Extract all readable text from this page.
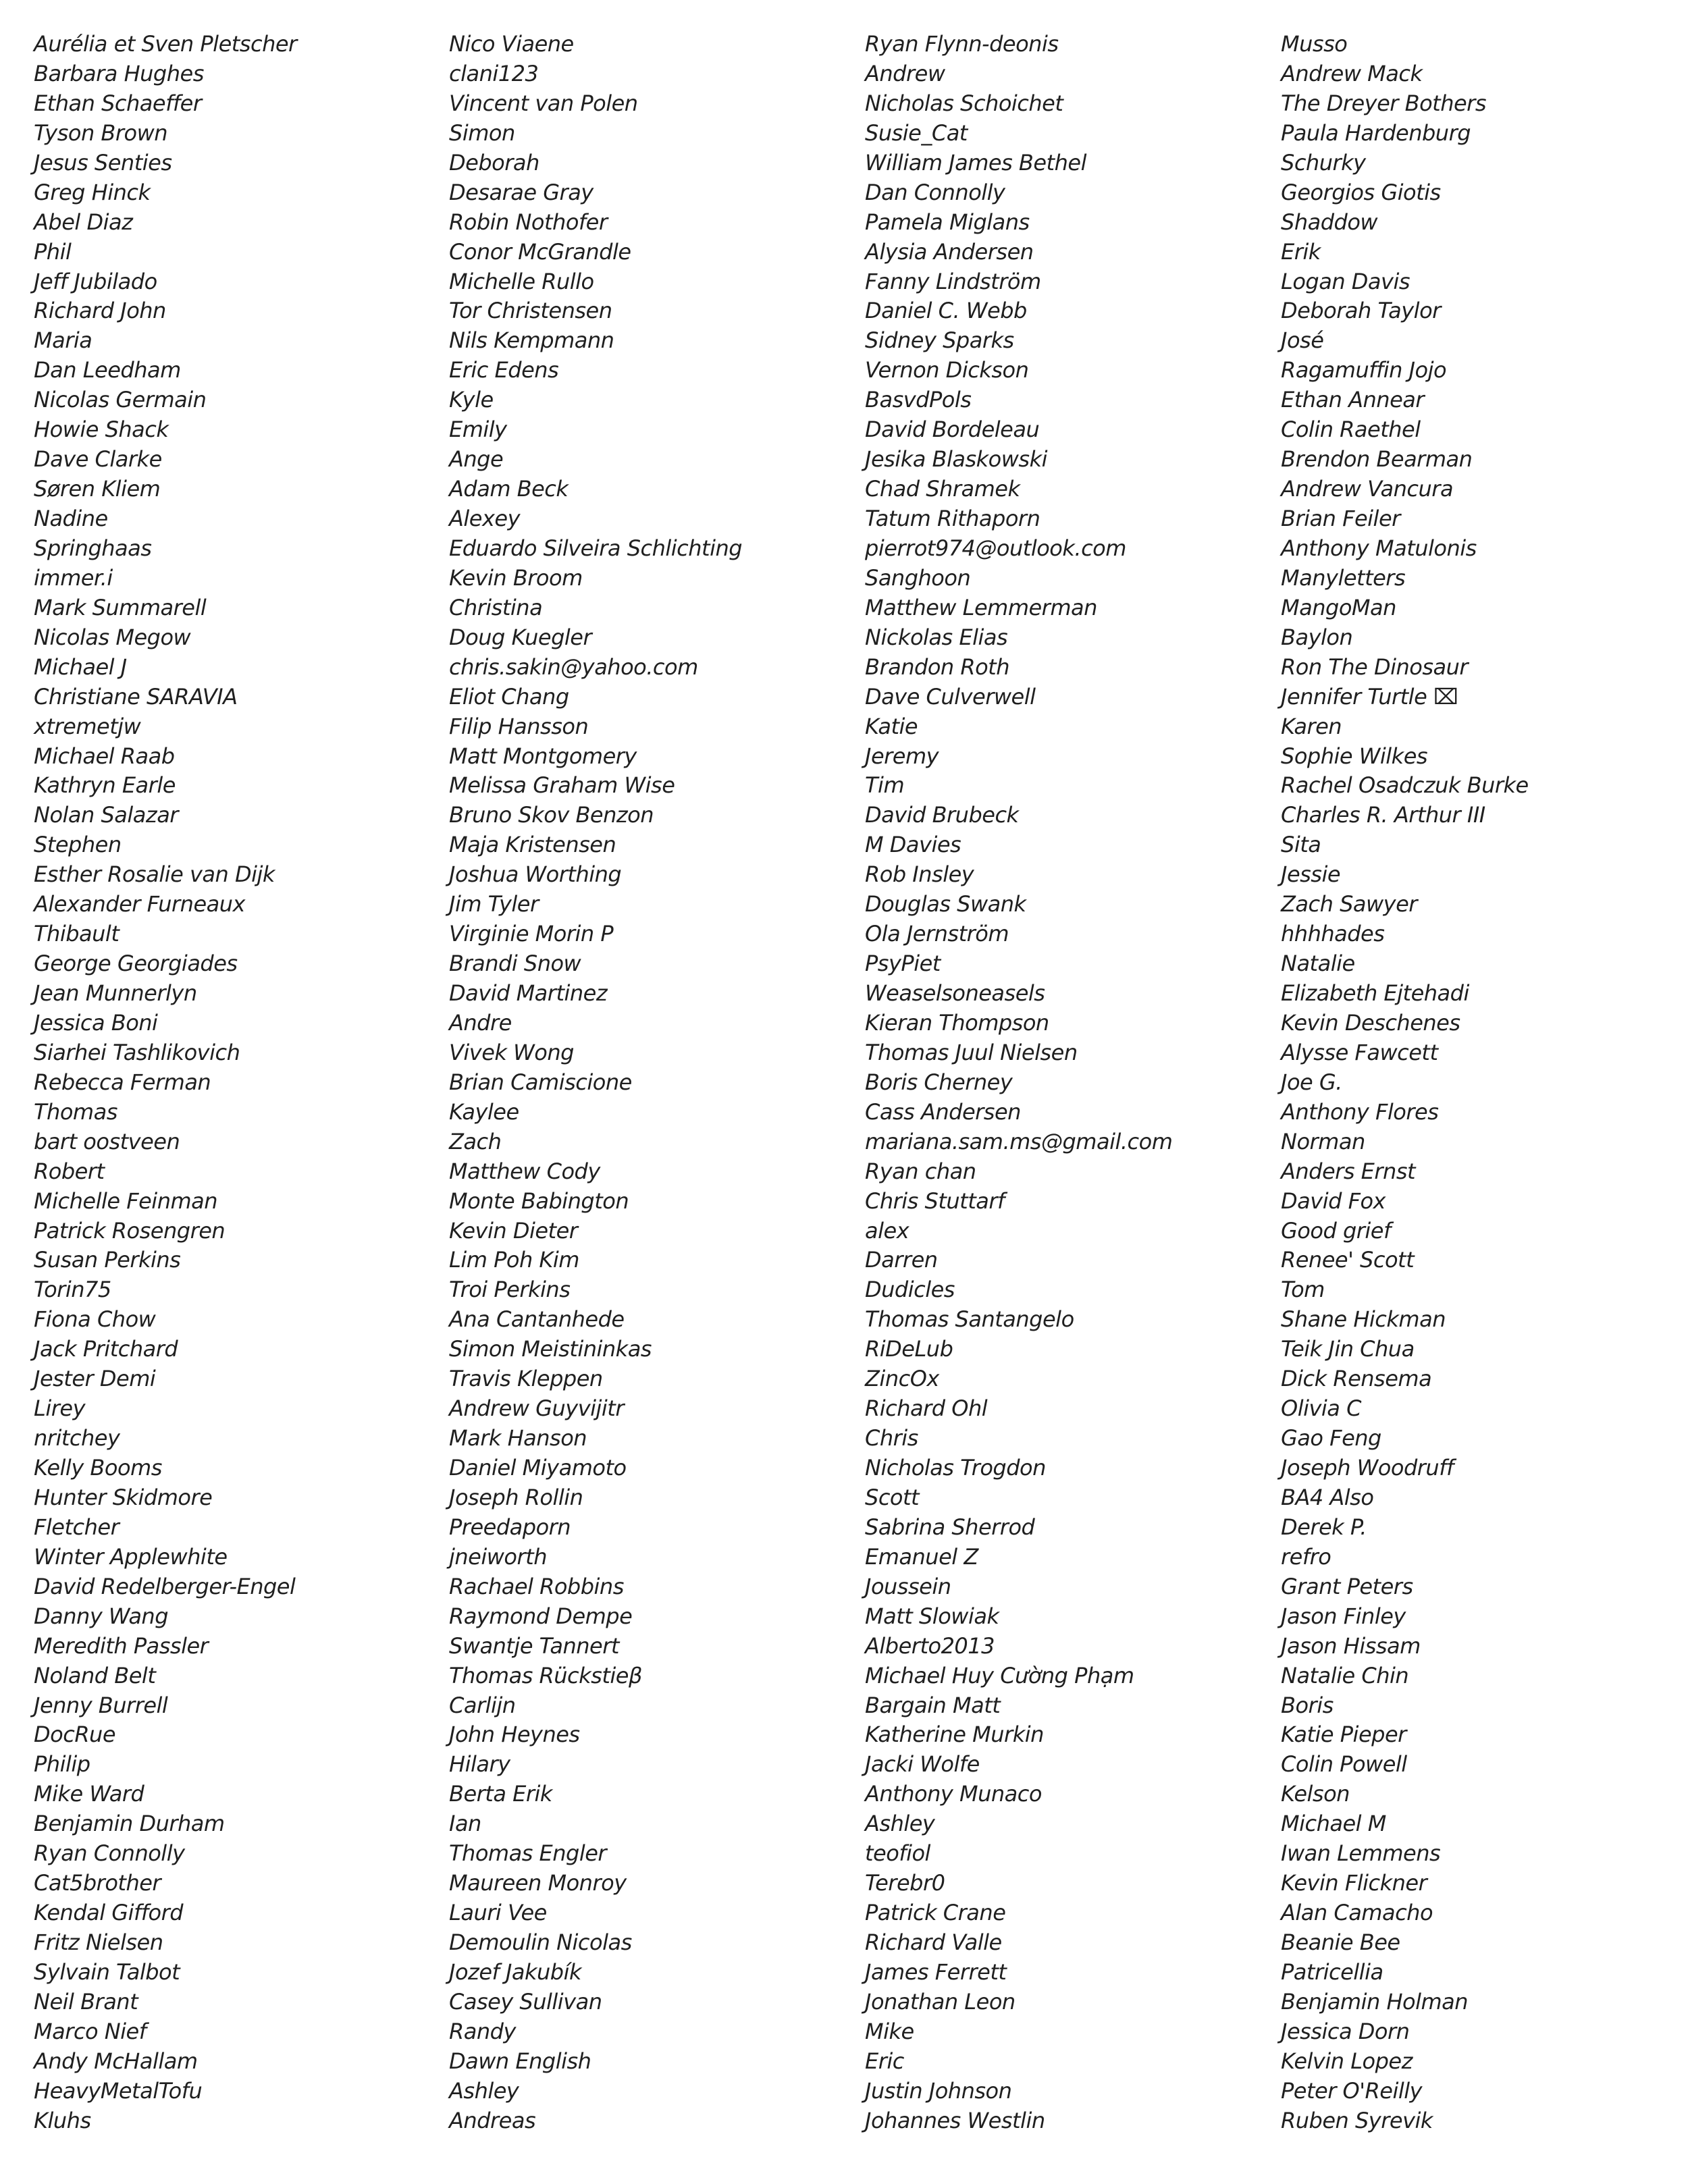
Aurélia et Sven Pletscher
Barbara Hughes
Ethan Schaeffer
Tyson Brown
Jesus Senties
Greg Hinck
Abel Diaz
Phil
Jeff Jubilado
Richard John
Maria
Dan Leedham
Nicolas Germain
Howie Shack
Dave Clarke
Søren Kliem
Nadine
Springhaas
immer.i
Mark Summarell
Nicolas Megow
Michael J
Christiane SARAVIA
xtremetjw
Michael Raab
Kathryn Earle
Nolan Salazar
Stephen
Esther Rosalie van Dijk
Alexander Furneaux
Thibault
George Georgiades
Jean Munnerlyn
Jessica Boni
Siarhei Tashlikovich
Rebecca Ferman
Thomas
bart oostveen
Robert
Michelle Feinman
Patrick Rosengren
Susan Perkins
Torin75
Fiona Chow
Jack Pritchard
Jester Demi
Lirey
nritchey
Kelly Booms
Hunter Skidmore
Fletcher
Winter Applewhite
David Redelberger-Engel
Danny Wang
Meredith Passler
Noland Belt
Jenny Burrell
DocRue
Philip
Mike Ward
Benjamin Durham
Ryan Connolly
Cat5brother
Kendal Gifford
Fritz Nielsen
Sylvain Talbot
Neil Brant
Marco Nief
Andy McHallam
HeavyMetalTofu
Kluhs
Nico Viaene
clani123
Vincent van Polen
Simon
Deborah
Desarae Gray
Robin Nothofer
Conor McGrandle
Michelle Rullo
Tor Christensen
Nils Kempmann
Eric Edens
Kyle
Emily
Ange
Adam Beck
Alexey
Eduardo Silveira Schlichting
Kevin Broom
Christina
Doug Kuegler
chris.sakin@yahoo.com
Eliot Chang
Filip Hansson
Matt Montgomery
Melissa Graham Wise
Bruno Skov Benzon
Maja Kristensen
Joshua Worthing
Jim Tyler
Virginie Morin P
Brandi Snow
David Martinez
Andre
Vivek Wong
Brian Camiscione
Kaylee
Zach
Matthew Cody
Monte Babington
Kevin Dieter
Lim Poh Kim
Troi Perkins
Ana Cantanhede
Simon Meistininkas
Travis Kleppen
Andrew Guyvijitr
Mark Hanson
Daniel Miyamoto
Joseph Rollin
Preedaporn
jneiworth
Rachael Robbins
Raymond Dempe
Swantje Tannert
Thomas Rückstieβ
Carlijn
John Heynes
Hilary
Berta Erik
Ian
Thomas Engler
Maureen Monroy
Lauri Vee
Demoulin Nicolas
Jozef Jakubík
Casey Sullivan
Randy
Dawn English
Ashley
Andreas
Ryan Flynn-deonis
Andrew
Nicholas Schoichet
Susie_Cat
William James Bethel
Dan Connolly
Pamela Miglans
Alysia Andersen
Fanny Lindström
Daniel C. Webb
Sidney Sparks
Vernon Dickson
BasvdPols
David Bordeleau
Jesika Blaskowski
Chad Shramek
Tatum Rithaporn
pierrot974@outlook.com
Sanghoon
Matthew Lemmerman
Nickolas Elias
Brandon Roth
Dave Culverwell
Katie
Jeremy
Tim
David Brubeck
M Davies
Rob Insley
Douglas Swank
Ola Jernström
PsyPiet
Weaselsoneasels
Kieran Thompson
Thomas Juul Nielsen
Boris Cherney
Cass Andersen
mariana.sam.ms@gmail.com
Ryan chan
Chris Stuttarf
alex
Darren
Dudicles
Thomas Santangelo
RiDeLub
ZincOx
Richard Ohl
Chris
Nicholas Trogdon
Scott
Sabrina Sherrod
Emanuel Z
Joussein
Matt Slowiak
Alberto2013
Michael Huy Cường Phạm
Bargain Matt
Katherine Murkin
Jacki Wolfe
Anthony Munaco
Ashley
teofiol
Terebr0
Patrick Crane
Richard Valle
James Ferrett
Jonathan Leon
Mike
Eric
Justin Johnson
Johannes Westlin
Musso
Andrew Mack
The Dreyer Bothers
Paula Hardenburg
Schurky
Georgios Giotis
Shaddow
Erik
Logan Davis
Deborah Taylor
José
Ragamuffin Jojo
Ethan Annear
Colin Raethel
Brendon Bearman
Andrew Vancura
Brian Feiler
Anthony Matulonis
Manyletters
MangoMan
Baylon
Ron The Dinosaur
Jennifer Turtle ⌧
Karen
Sophie Wilkes
Rachel Osadczuk Burke
Charles R. Arthur III
Sita
Jessie
Zach Sawyer
hhhhades
Natalie
Elizabeth Ejtehadi
Kevin Deschenes
Alysse Fawcett
Joe G.
Anthony Flores
Norman
Anders Ernst
David Fox
Good grief
Renee' Scott
Tom
Shane Hickman
Teik Jin Chua
Dick Rensema
Olivia C
Gao Feng
Joseph Woodruff
BA4 Also
Derek P.
refro
Grant Peters
Jason Finley
Jason Hissam
Natalie Chin
Boris
Katie Pieper
Colin Powell
Kelson
Michael M
Iwan Lemmens
Kevin Flickner
Alan Camacho
Beanie Bee
Patricellia
Benjamin Holman
Jessica Dorn
Kelvin Lopez
Peter O'Reilly
Ruben Syrevik
